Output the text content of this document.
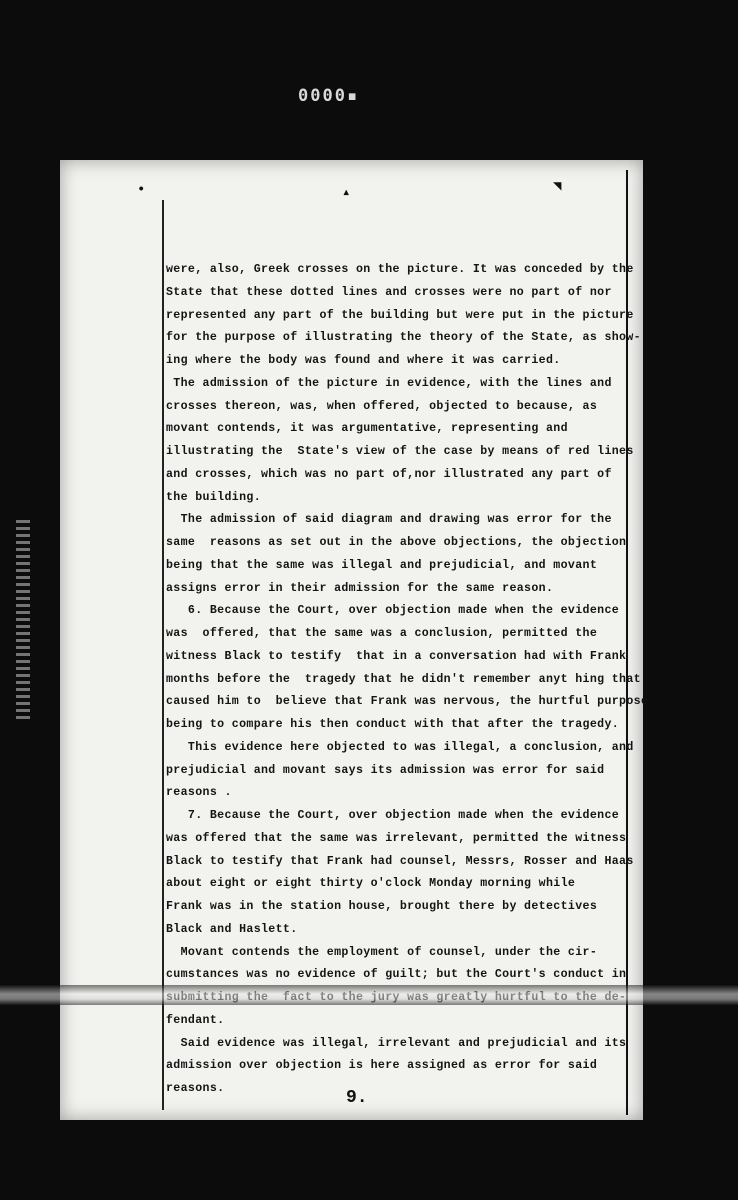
0000▪
•	▴	◥
were, also, Greek crosses on the picture. It was conceded by the
State that these dotted lines and crosses were no part of nor
represented any part of the building but were put in the picture
for the purpose of illustrating the theory of the State, as show-
ing where the body was found and where it was carried.
The admission of the picture in evidence, with the lines and
crosses thereon, was, when offered, objected to because, as
movant contends, it was argumentative, representing and
illustrating the  State's view of the case by means of red lines
and crosses, which was no part of,nor illustrated any part of
the building.
The admission of said diagram and drawing was error for the
same  reasons as set out in the above objections, the objection
being that the same was illegal and prejudicial, and movant
assigns error in their admission for the same reason.
6. Because the Court, over objection made when the evidence
was  offered, that the same was a conclusion, permitted the
witness Black to testify  that in a conversation had with Frank
months before the  tragedy that he didn't remember anyt hing that
caused him to  believe that Frank was nervous, the hurtful purpose
being to compare his then conduct with that after the tragedy.
This evidence here objected to was illegal, a conclusion, and
prejudicial and movant says its admission was error for said
reasons .
7. Because the Court, over objection made when the evidence
was offered that the same was irrelevant, permitted the witness
Black to testify that Frank had counsel, Messrs, Rosser and Haas
about eight or eight thirty o'clock Monday morning while
Frank was in the station house, brought there by detectives
Black and Haslett.
Movant contends the employment of counsel, under the cir-
cumstances was no evidence of guilt; but the Court's conduct in
fendant.
Said evidence was illegal, irrelevant and prejudicial and its
admission over objection is here assigned as error for said
reasons.	9.
